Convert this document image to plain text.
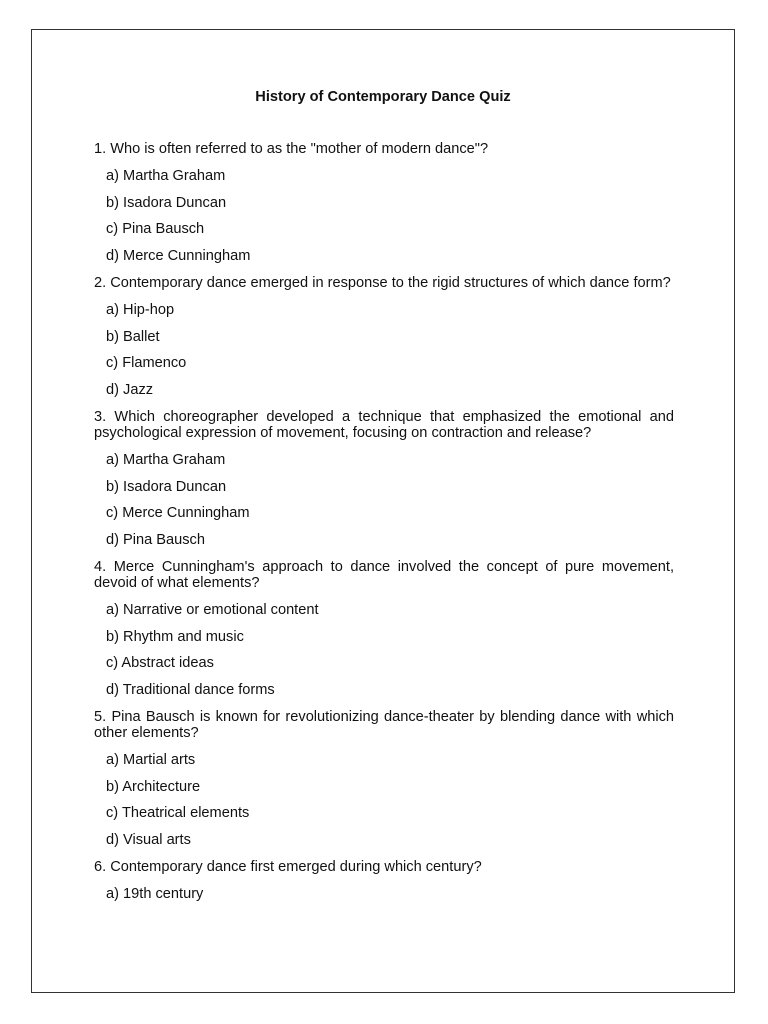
History of Contemporary Dance Quiz

1. Who is often referred to as the "mother of modern dance"?

a) Martha Graham
b) Isadora Duncan
c) Pina Bausch
d) Merce Cunningham

2. Contemporary dance emerged in response to the rigid structures of which dance form?

a) Hip-hop
b) Ballet
c) Flamenco
d) Jazz

3. Which choreographer developed a technique that emphasized the emotional and psychological expression of movement, focusing on contraction and release?

a) Martha Graham
b) Isadora Duncan
c) Merce Cunningham
d) Pina Bausch

4. Merce Cunningham's approach to dance involved the concept of pure movement, devoid of what elements?

a) Narrative or emotional content
b) Rhythm and music
c) Abstract ideas
d) Traditional dance forms

5. Pina Bausch is known for revolutionizing dance-theater by blending dance with which other elements?

a) Martial arts
b) Architecture
c) Theatrical elements
d) Visual arts

6. Contemporary dance first emerged during which century?

a) 19th century
